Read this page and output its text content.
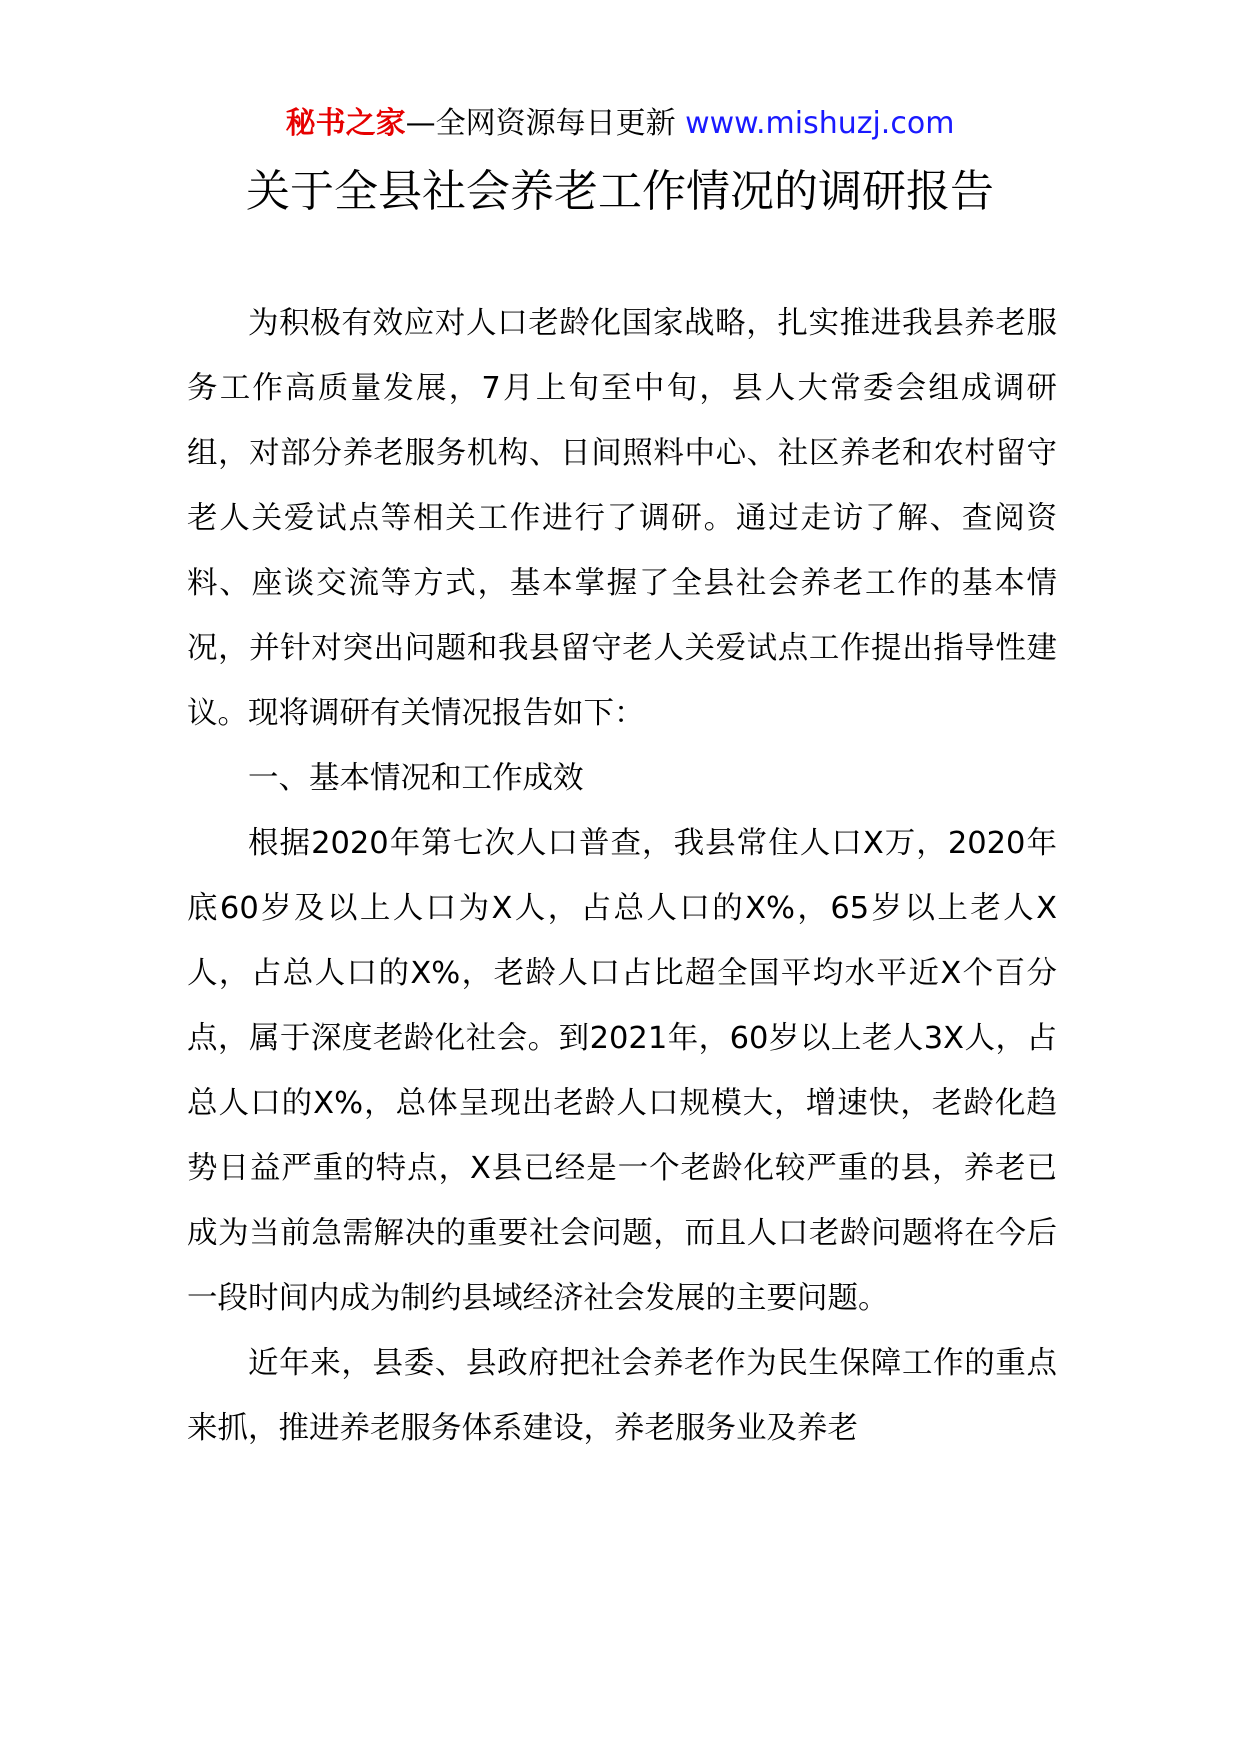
秘书之家—全网资源每日更新 www.mishuzj.com
关于全县社会养老工作情况的调研报告

为积极有效应对人口老龄化国家战略，扎实推进我县养老服务工作高质量发展，7月上旬至中旬，县人大常委会组成调研组，对部分养老服务机构、日间照料中心、社区养老和农村留守老人关爱试点等相关工作进行了调研。通过走访了解、查阅资料、座谈交流等方式，基本掌握了全县社会养老工作的基本情况，并针对突出问题和我县留守老人关爱试点工作提出指导性建议。现将调研有关情况报告如下：

一、基本情况和工作成效

根据2020年第七次人口普查，我县常住人口X万，2020年底60岁及以上人口为X人，占总人口的X%，65岁以上老人X人，占总人口的X%，老龄人口占比超全国平均水平近X个百分点，属于深度老龄化社会。到2021年，60岁以上老人3X人，占总人口的X%，总体呈现出老龄人口规模大，增速快，老龄化趋势日益严重的特点，X县已经是一个老龄化较严重的县，养老已成为当前急需解决的重要社会问题，而且人口老龄问题将在今后一段时间内成为制约县域经济社会发展的主要问题。

近年来，县委、县政府把社会养老作为民生保障工作的重点来抓，推进养老服务体系建设，养老服务业及养老
